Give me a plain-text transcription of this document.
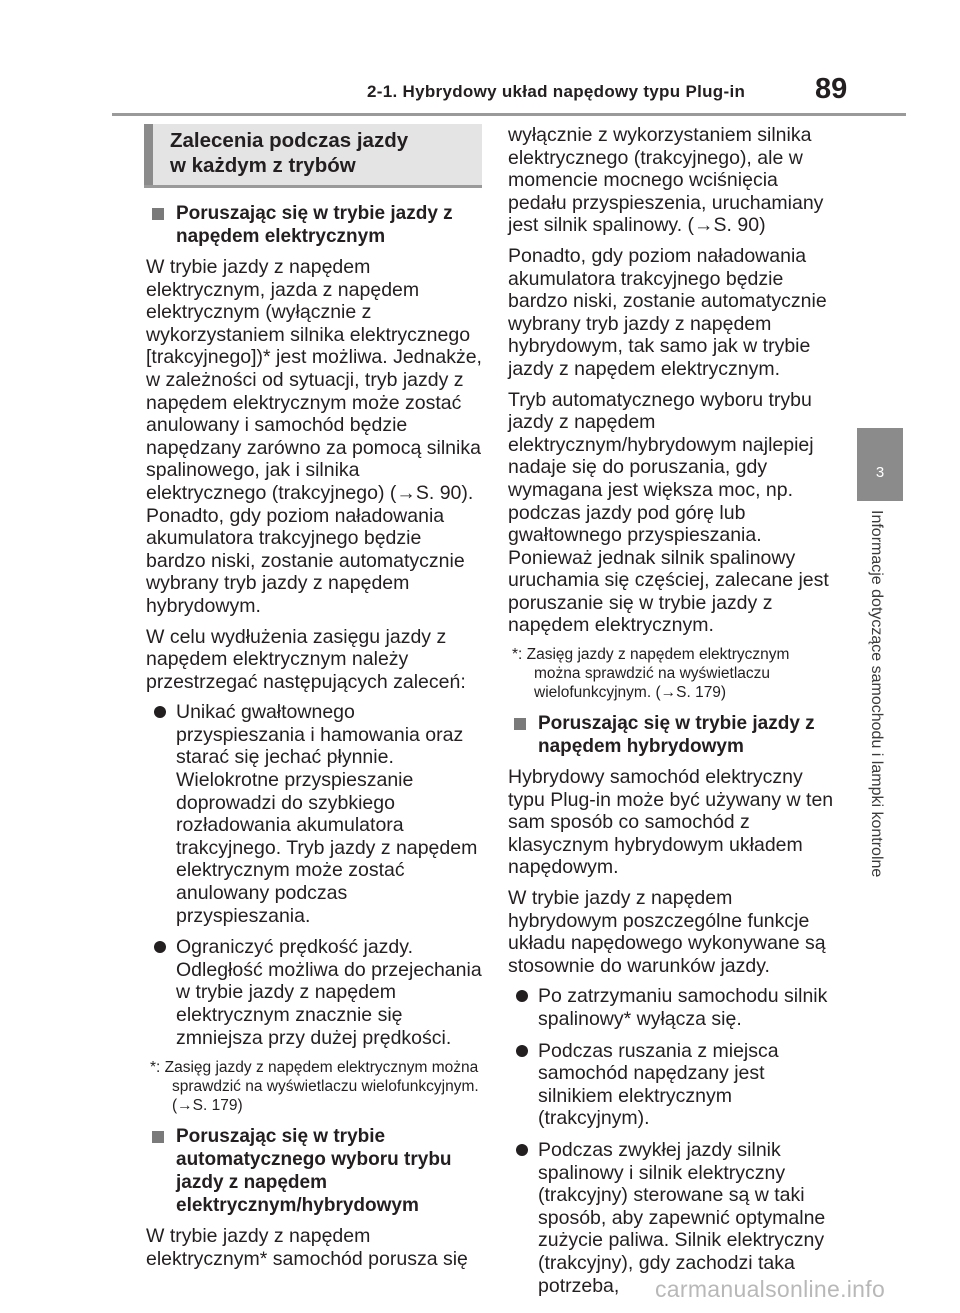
2-1. Hybrydowy układ napędowy typu Plug-in 89
3
Informacje dotyczące samochodu i lampki kontrolne
Zalecenia podczas jazdy
w każdym z trybów
Poruszając się w trybie jazdy z napędem elektrycznym

W trybie jazdy z napędem elektrycznym, jazda z napędem elektrycznym (wyłącznie z wykorzystaniem silnika elektrycznego [trakcyjnego])* jest możliwa. Jednakże, w zależności od sytuacji, tryb jazdy z napędem elektrycznym może zostać anulowany i samochód będzie napędzany zarówno za pomocą silnika spalinowego, jak i silnika elektrycznego (trakcyjnego) (→S. 90). Ponadto, gdy poziom naładowania akumulatora trakcyjnego będzie bardzo niski, zostanie automatycznie wybrany tryb jazdy z napędem hybrydowym.

W celu wydłużenia zasięgu jazdy z napędem elektrycznym należy przestrzegać następujących zaleceń:

Unikać gwałtownego przyspieszania i hamowania oraz starać się jechać płynnie. Wielokrotne przyspieszanie doprowadzi do szybkiego rozładowania akumulatora trakcyjnego. Tryb jazdy z napędem elektrycznym może zostać anulowany podczas przyspieszania.
Ograniczyć prędkość jazdy. Odległość możliwa do przejechania w trybie jazdy z napędem elektrycznym znacznie się zmniejsza przy dużej prędkości.
*: Zasięg jazdy z napędem elektrycznym można sprawdzić na wyświetlaczu wielofunkcyjnym. (→S. 179)
Poruszając się w trybie automatycznego wyboru trybu jazdy z napędem elektrycznym/hybrydowym

W trybie jazdy z napędem elektrycznym* samochód porusza się

wyłącznie z wykorzystaniem silnika elektrycznego (trakcyjnego), ale w momencie mocnego wciśnięcia pedału przyspieszenia, uruchamiany jest silnik spalinowy. (→S. 90)

Ponadto, gdy poziom naładowania akumulatora trakcyjnego będzie bardzo niski, zostanie automatycznie wybrany tryb jazdy z napędem hybrydowym, tak samo jak w trybie jazdy z napędem elektrycznym.

Tryb automatycznego wyboru trybu jazdy z napędem elektrycznym/hybrydowym najlepiej nadaje się do poruszania, gdy wymagana jest większa moc, np. podczas jazdy pod górę lub gwałtownego przyspieszania. Ponieważ jednak silnik spalinowy uruchamia się częściej, zalecane jest poruszanie się w trybie jazdy z napędem elektrycznym.

*: Zasięg jazdy z napędem elektrycznym można sprawdzić na wyświetlaczu wielofunkcyjnym. (→S. 179)
Poruszając się w trybie jazdy z napędem hybrydowym

Hybrydowy samochód elektryczny typu Plug-in może być używany w ten sam sposób co samochód z klasycznym hybrydowym układem napędowym.

W trybie jazdy z napędem hybrydowym poszczególne funkcje układu napędowego wykonywane są stosownie do warunków jazdy.

Po zatrzymaniu samochodu silnik spalinowy* wyłącza się.
Podczas ruszania z miejsca samochód napędzany jest silnikiem elektrycznym (trakcyjnym).
Podczas zwykłej jazdy silnik spalinowy i silnik elektryczny (trakcyjny) sterowane są w taki sposób, aby zapewnić optymalne zużycie paliwa. Silnik elektryczny (trakcyjny), gdy zachodzi taka potrzeba,	carmanualsonline.info
